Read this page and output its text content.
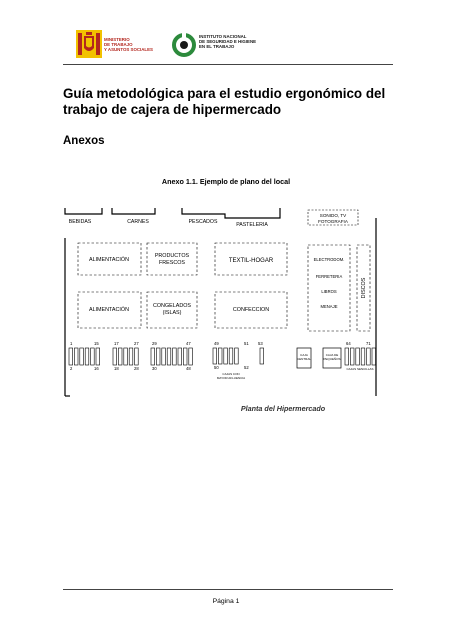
MINISTERIO
DE TRABAJO
Y ASUNTOS SOCIALES
INSTITUTO NACIONAL
DE SEGURIDAD E HIGIENE
EN EL TRABAJO
Guía metodológica para el estudio ergonómico del trabajo de cajera de hipermercado
Anexos
Anexo 1.1. Ejemplo de plano del local
BEBIDAS	CARNES	PESCADOS	PASTELERIA
SONIDO, TV
FOTOGRAFIA
ALIMENTACIÓN
PRODUCTOS
FRESCOS	TEXTIL-HOGAR
ALIMENTACIÓN
CONGELADOS
(ISLAS)	CONFECCION
DISCOS
ELECTRODOM.
FERRETERIA
LIBROS
MENAJE
CAJA
CENTRAL
CAJA DE
PEQUEÑOS
CAJAS SENCILLAS
CAJAS CON
MAYOR AFLUENCIA
1	15
2	16
17	27
18	28
29	47
30	48
49	51 53
50	52
64	71
Planta del Hipermercado
Página 1
